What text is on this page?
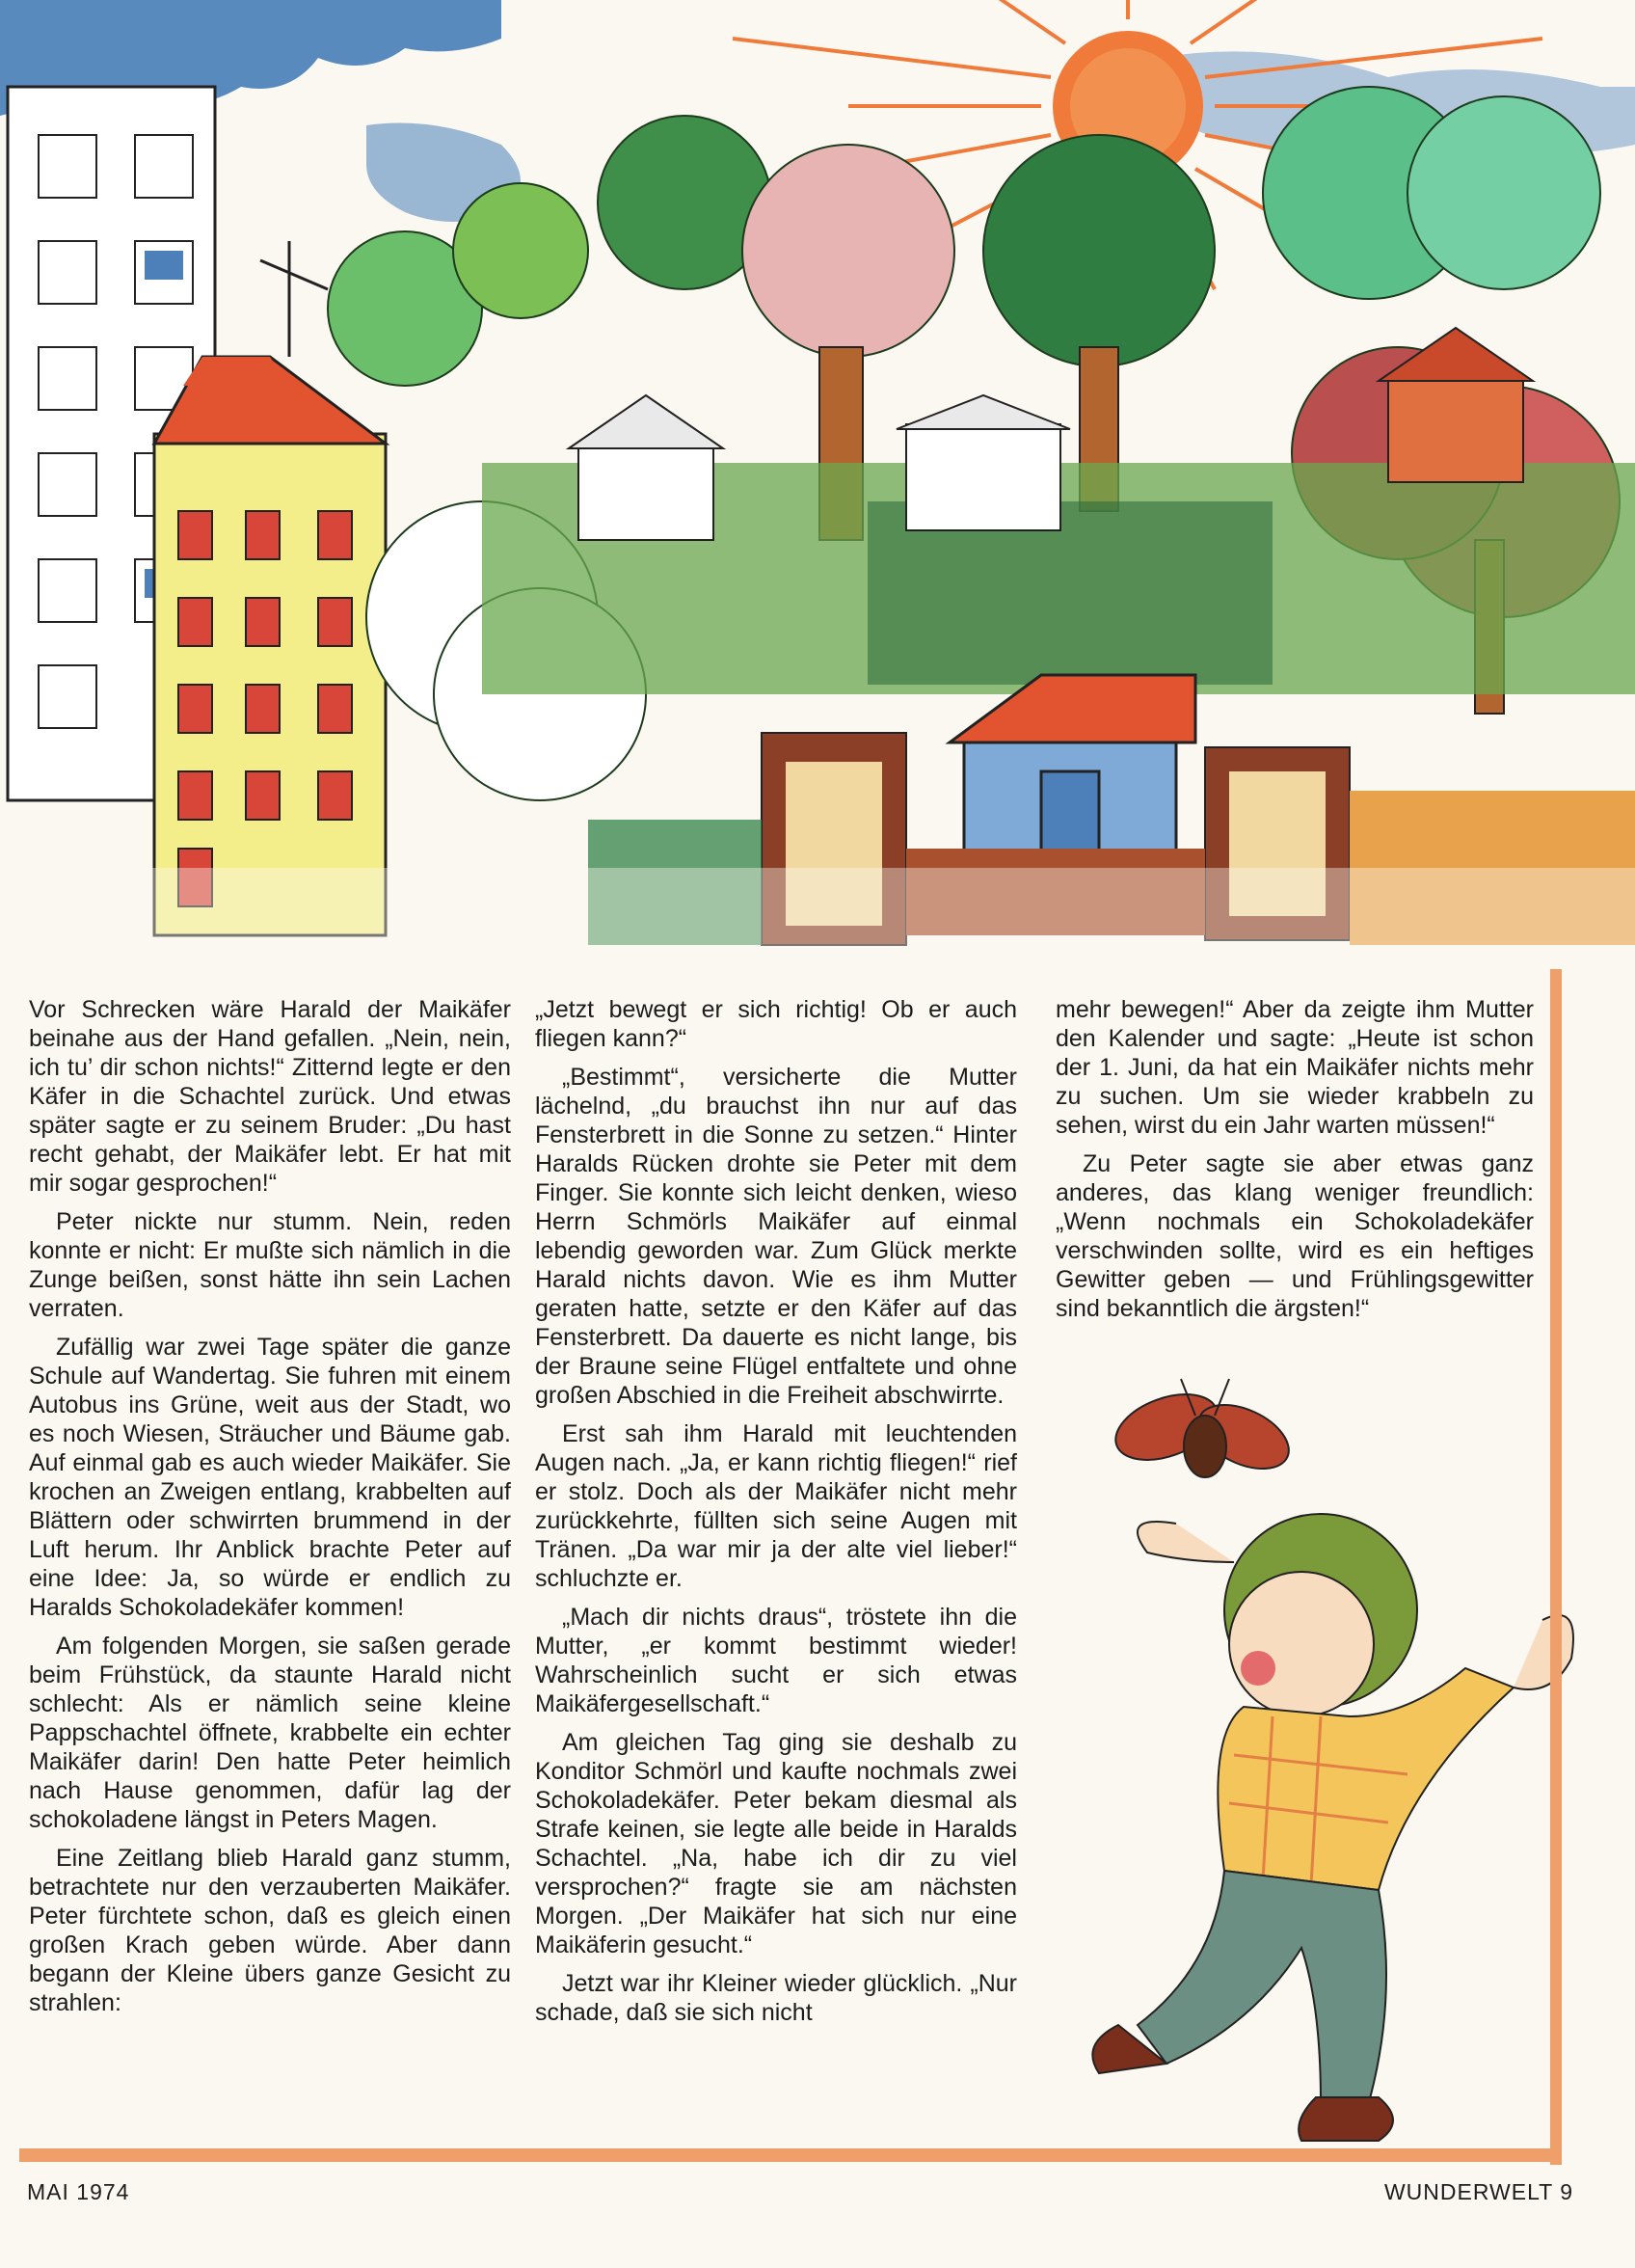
Vor Schrecken wäre Harald der Maikäfer beinahe aus der Hand gefallen. „Nein, nein, ich tu’ dir schon nichts!“ Zitternd legte er den Käfer in die Schachtel zurück. Und etwas später sagte er zu seinem Bruder: „Du hast recht gehabt, der Maikäfer lebt. Er hat mit mir sogar gesprochen!“

Peter nickte nur stumm. Nein, reden konnte er nicht: Er mußte sich nämlich in die Zunge beißen, sonst hätte ihn sein Lachen verraten.

Zufällig war zwei Tage später die ganze Schule auf Wandertag. Sie fuhren mit einem Autobus ins Grüne, weit aus der Stadt, wo es noch Wiesen, Sträucher und Bäume gab. Auf einmal gab es auch wieder Maikäfer. Sie krochen an Zweigen entlang, krabbelten auf Blättern oder schwirrten brummend in der Luft herum. Ihr Anblick brachte Peter auf eine Idee: Ja, so würde er endlich zu Haralds Schokoladekäfer kommen!

Am folgenden Morgen, sie saßen gerade beim Frühstück, da staunte Harald nicht schlecht: Als er nämlich seine kleine Pappschachtel öffnete, krabbelte ein echter Maikäfer darin! Den hatte Peter heimlich nach Hause genommen, dafür lag der schokoladene längst in Peters Magen.

Eine Zeitlang blieb Harald ganz stumm, betrachtete nur den verzauberten Maikäfer. Peter fürchtete schon, daß es gleich einen großen Krach geben würde. Aber dann begann der Kleine übers ganze Gesicht zu strahlen:

„Jetzt bewegt er sich richtig! Ob er auch fliegen kann?“

„Bestimmt“, versicherte die Mutter lächelnd, „du brauchst ihn nur auf das Fensterbrett in die Sonne zu setzen.“ Hinter Haralds Rücken drohte sie Peter mit dem Finger. Sie konnte sich leicht denken, wieso Herrn Schmörls Maikäfer auf einmal lebendig geworden war. Zum Glück merkte Harald nichts davon. Wie es ihm Mutter geraten hatte, setzte er den Käfer auf das Fensterbrett. Da dauerte es nicht lange, bis der Braune seine Flügel entfaltete und ohne großen Abschied in die Freiheit abschwirrte.

Erst sah ihm Harald mit leuchtenden Augen nach. „Ja, er kann richtig fliegen!“ rief er stolz. Doch als der Maikäfer nicht mehr zurückkehrte, füllten sich seine Augen mit Tränen. „Da war mir ja der alte viel lieber!“ schluchzte er.

„Mach dir nichts draus“, tröstete ihn die Mutter, „er kommt bestimmt wieder! Wahrscheinlich sucht er sich etwas Maikäfergesellschaft.“

Am gleichen Tag ging sie deshalb zu Konditor Schmörl und kaufte nochmals zwei Schokoladekäfer. Peter bekam diesmal als Strafe keinen, sie legte alle beide in Haralds Schachtel. „Na, habe ich dir zu viel versprochen?“ fragte sie am nächsten Morgen. „Der Maikäfer hat sich nur eine Maikäferin gesucht.“

Jetzt war ihr Kleiner wieder glücklich. „Nur schade, daß sie sich nicht

mehr bewegen!“ Aber da zeigte ihm Mutter den Kalender und sagte: „Heute ist schon der 1. Juni, da hat ein Maikäfer nichts mehr zu suchen. Um sie wieder krabbeln zu sehen, wirst du ein Jahr warten müssen!“

Zu Peter sagte sie aber etwas ganz anderes, das klang weniger freundlich: „Wenn nochmals ein Schokoladekäfer verschwinden sollte, wird es ein heftiges Gewitter geben — und Frühlingsgewitter sind bekanntlich die ärgsten!“

MAI 1974	WUNDERWELT 9
